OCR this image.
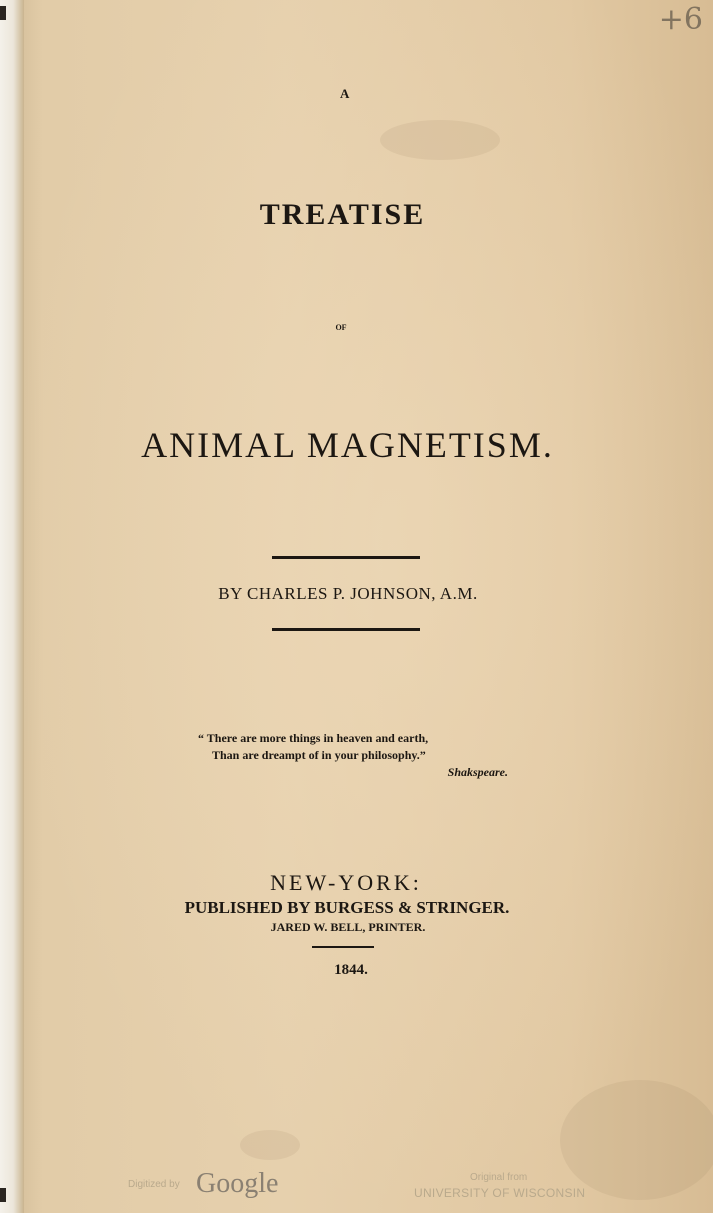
+6
A
TREATISE
OF
ANIMAL MAGNETISM.
BY CHARLES P. JOHNSON, A.M.
“ There are more things in heaven and earth,
Than are dreampt of in your philosophy.”
Shakspeare.
NEW-YORK:
PUBLISHED BY BURGESS & STRINGER.
JARED W. BELL, PRINTER.
1844.
Digitized by Google	Original from
UNIVERSITY OF WISCONSIN
